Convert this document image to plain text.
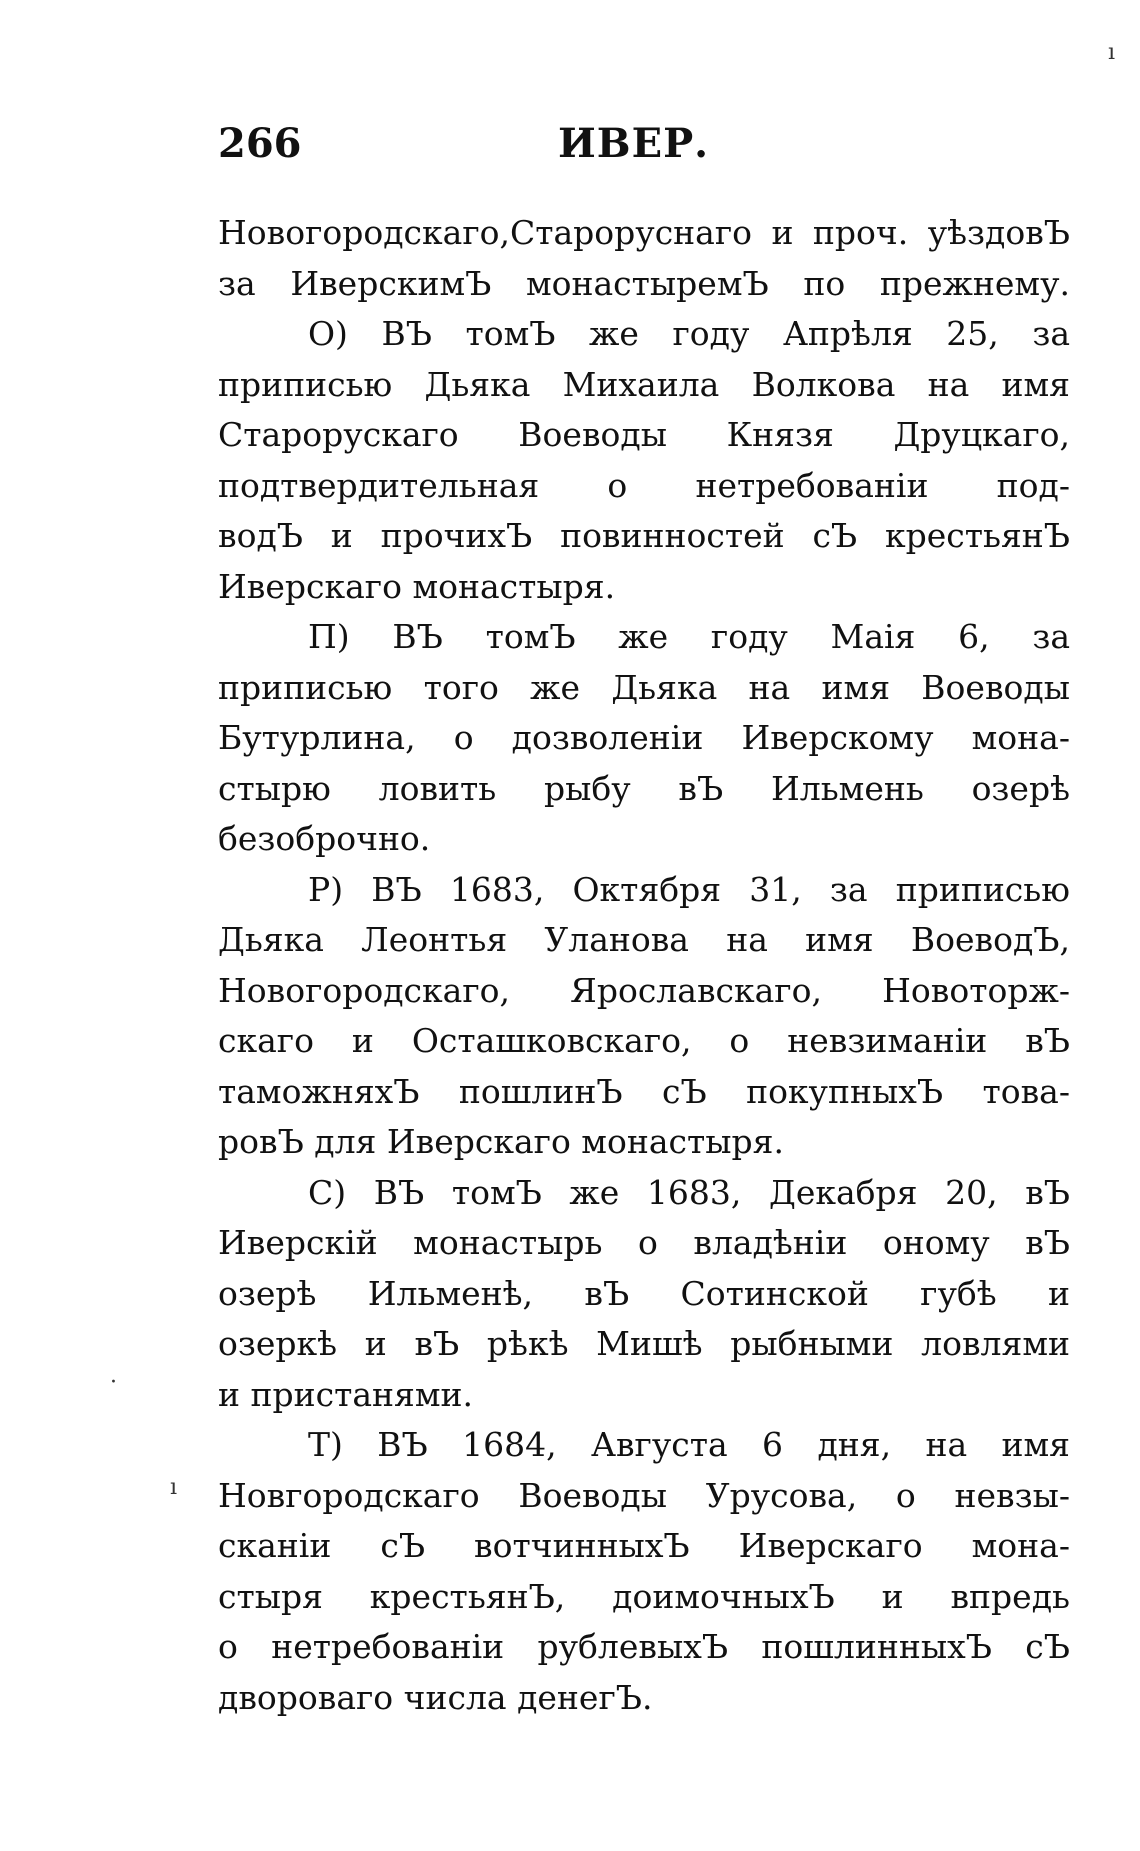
266	ИВЕР.
Новогородскаго,Староруснаго и проч. уѣздовЪ
за ИверскимЪ монастыремЪ по прежнему.
О) ВЪ томЪ же году Апрѣля 25, за
приписью Дьяка Михаила Волкова на имя
Старорускаго Воеводы Князя Друцкаго,
подтвердительная о нетребованіи под-
водЪ и прочихЪ повинностей сЪ крестьянЪ
Иверскаго монастыря.
П) ВЪ томЪ же году Маія 6, за
приписью того же Дьяка на имя Воеводы
Бутурлина, о дозволеніи Иверскому мона-
стырю ловить рыбу вЪ Ильмень озерѣ
безоброчно.
Р) ВЪ 1683, Октября 31, за приписью
Дьяка Леонтья Уланова на имя ВоеводЪ,
Новогородскаго, Ярославскаго, Новоторж-
скаго и Осташковскаго, о невзиманіи вЪ
таможняхЪ пошлинЪ сЪ покупныхЪ това-
ровЪ для Иверскаго монастыря.
С) ВЪ томЪ же 1683, Декабря 20, вЪ
Иверскій монастырь о владѣніи оному вЪ
озерѣ Ильменѣ, вЪ Сотинской губѣ и
озеркѣ и вЪ рѣкѣ Мишѣ рыбными ловлями
и пристанями.
Т) ВЪ 1684, Августа 6 дня, на имя
Новгородскаго Воеводы Урусова, о невзы-
сканіи сЪ вотчинныхЪ Иверскаго мона-
стыря крестьянЪ, доимочныхЪ и впредь
о нетребованіи рублевыхЪ пошлинныхЪ сЪ
двороваго числа денегЪ.
ı
·
ı
